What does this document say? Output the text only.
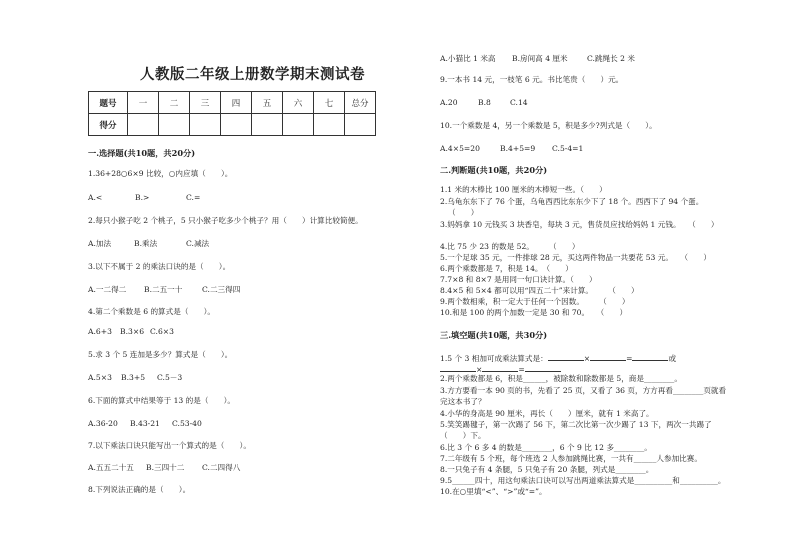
人教版二年级上册数学期末测试卷
题号	一	二	三	四	五	六	七	总分
得分								
一.选择题(共10题，共20分)
1.36+28○6×9 比较，○内应填（　　）。
A.<	B.>	C.=
2.每只小猴子吃 2 个桃子，5 只小猴子吃多少个桃子？用（　　）计算比较简便。
A.加法	B.乘法	C.减法
3.以下不属于 2 的乘法口诀的是（　　）。
A.一二得二 B.二五一十	C.二三得四
4.第二个乘数是 6 的算式是（　　）。
A.6+3 B.3×6 C.6×3
5.求 3 个 5 连加是多少？算式是（　　）。
A.5×3 B.3+5 C.5－3
6.下面的算式中结果等于 13 的是（　　）。
A.36-20 B.43-21 C.53-40
7.以下乘法口诀只能写出一个算式的是（　　）。
A.五五二十五 B.三四十二 C.二四得八
8.下列说法正确的是（　　）。
A.小猫比 1 米高 B.房间高 4 厘米	C.跳绳长 2 米
9.一本书 14 元，一枝笔 6 元。书比笔贵（　　）元。
A.20	B.8	C.14
10.一个乘数是 4，另一个乘数是 5，积是多少?列式是（　　）。
A.4×5=20	B.4+5=9 C.5-4=1
二.判断题(共10题，共20分)
1.1 米的木棒比 100 厘米的木棒短一些。（　　）
2.乌龟东东下了 76 个蛋，乌龟西西比东东少下了 18 个。西西下了 94 个蛋。
（　　）
3.妈妈拿 10 元钱买 3 块香皂，每块 3 元，售货员应找给妈妈 1 元钱。　　（　　）
4.比 75 少 23 的数是 52。　　　（　　）
5.一个足球 35 元，一件排球 28 元，买这两件物品一共要花 53 元。　　（　　）
6.两个乘数都是 7，积是 14。　（　　）
7.7×8 和 8×7 是用同一句口诀计算。（　　）
8.4×5 和 5×4 都可以用“四五二十”来计算。　　　（　　）
9.两个数相乘，积一定大于任何一个因数。　　　（　　）
10.和是 100 的两个加数一定是 30 和 70。　　（　　）
三.填空题(共10题，共30分)
1.5 个 3 相加可成乘法算式是：	×	=	或
×	=
2.两个乘数都是 6，积是______，被除数和除数都是 5，商是________。
3.方方要看一本 90 页的书，先看了 25 页，又看了 36 页，方方再看________页就看
完这本书了？
4.小华的身高是 90 厘米，再长（　　）厘米，就有 1 米高了。
5.笑笑踢毽子，第一次踢了 56 下，第二次比第一次少踢了 13 下，两次一共踢了
（　　）下。
6.比 3 个 6 多 4 的数是________，6 个 9 比 12 多________。
7.二年级有 5 个班，每个班选 2 人参加跳绳比赛，一共有______人参加比赛。
8.一只兔子有 4 条腿，5 只兔子有 20 条腿，列式是________。
9.5______四十，用这句乘法口诀可以写出两道乘法算式是__________和__________。
10.在○里填“<”、“>”或“=”。
